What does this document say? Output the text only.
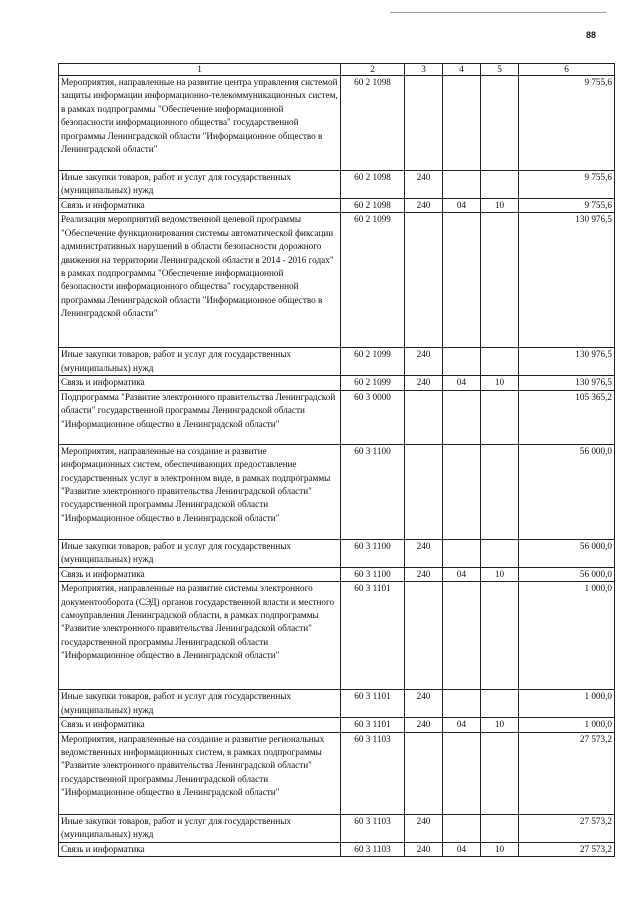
88
1	2	3	4	5	6
Мероприятия, направленные на развитие центра управления системой защиты информации информационно-телекоммуникационных систем, в рамках подпрограммы "Обеспечение информационной безопасности информационного общества" государственной программы Ленинградской области "Информационное общество в Ленинградской области"	60 2 1098				9 755,6
Иные закупки товаров, работ и услуг для государственных (муниципальных) нужд	60 2 1098	240			9 755,6
Связь и информатика	60 2 1098	240	04	10	9 755,6
Реализация мероприятий ведомственной целевой программы "Обеспечение функционирования системы автоматической фиксации административных нарушений в области безопасности дорожного движения на территории Ленинградской области в 2014 - 2016 годах" в рамках подпрограммы "Обеспечение информационной безопасности информационного общества" государственной программы Ленинградской области "Информационное общество в Ленинградской области"	60 2 1099				130 976,5
Иные закупки товаров, работ и услуг для государственных (муниципальных) нужд	60 2 1099	240			130 976,5
Связь и информатика	60 2 1099	240	04	10	130 976,5
Подпрограмма "Развитие электронного правительства Ленинградской области" государственной программы Ленинградской области "Информационное общество в Ленинградской области"	60 3 0000				105 365,2
Мероприятия, направленные на создание и развитие информационных систем, обеспечивающих предоставление государственных услуг в электронном виде, в рамках подпрограммы "Развитие электронного правительства Ленинградской области" государственной программы Ленинградской области "Информационное общество в Ленинградской области"	60 3 1100				56 000,0
Иные закупки товаров, работ и услуг для государственных (муниципальных) нужд	60 3 1100	240			56 000,0
Связь и информатика	60 3 1100	240	04	10	56 000,0
Мероприятия, направленные на развитие системы электронного документооборота (СЭД) органов государственной власти и местного самоуправления Ленинградской области, в рамках подпрограммы "Развитие электронного правительства Ленинградской области" государственной программы Ленинградской области "Информационное общество в Ленинградской области"	60 3 1101				1 000,0
Иные закупки товаров, работ и услуг для государственных (муниципальных) нужд	60 3 1101	240			1 000,0
Связь и информатика	60 3 1101	240	04	10	1 000,0
Мероприятия, направленные на создание и развитие региональных ведомственных информационных систем, в рамках подпрограммы "Развитие электронного правительства Ленинградской области" государственной программы Ленинградской области "Информационное общество в Ленинградской области"	60 3 1103				27 573,2
Иные закупки товаров, работ и услуг для государственных (муниципальных) нужд	60 3 1103	240			27 573,2
Связь и информатика	60 3 1103	240	04	10	27 573,2
